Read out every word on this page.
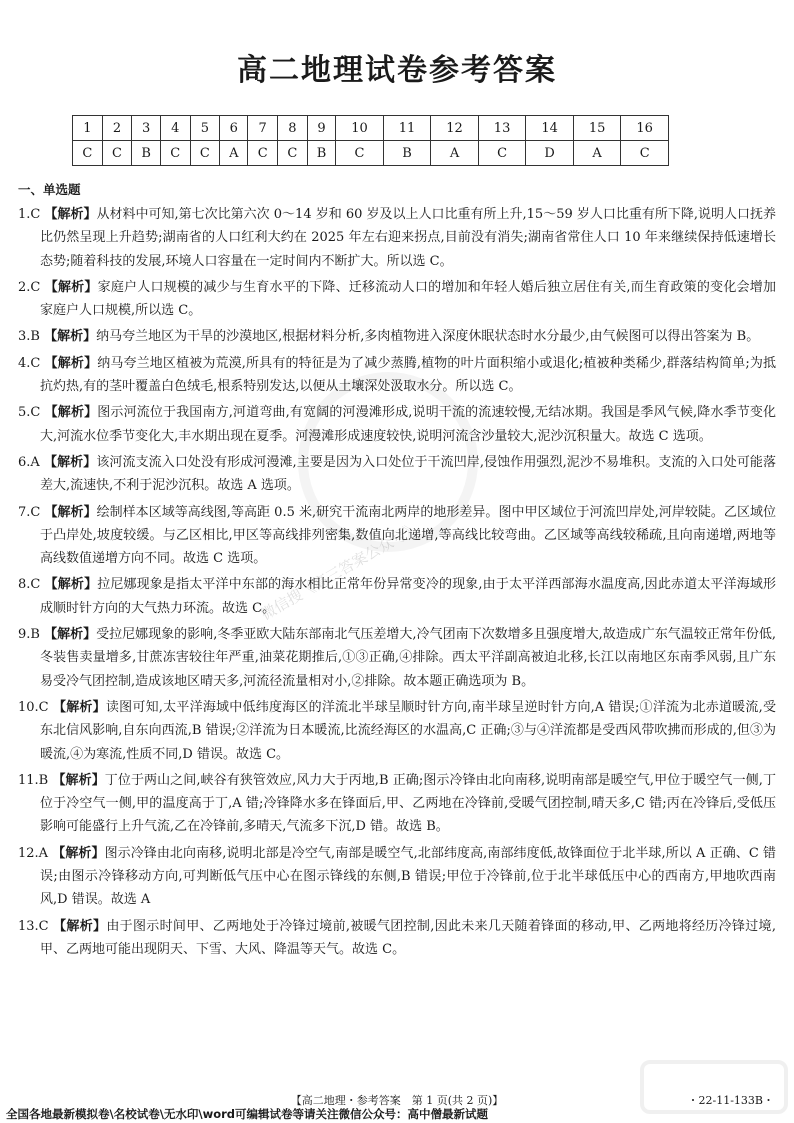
微信搜《高三答案公众号》
高二地理试卷参考答案
1	2	3	4	5	6	7	8	9	10	11	12	13	14	15	16
C	C	B	C	C	A	C	C	B	C	B	A	C	D	A	C
一、单选题

1.C 【解析】从材料中可知,第七次比第六次 0～14 岁和 60 岁及以上人口比重有所上升,15～59 岁人口比重有所下降,说明人口抚养比仍然呈现上升趋势;湖南省的人口红利大约在 2025 年左右迎来拐点,目前没有消失;湖南省常住人口 10 年来继续保持低速增长态势;随着科技的发展,环境人口容量在一定时间内不断扩大。所以选 C。

2.C 【解析】家庭户人口规模的减少与生育水平的下降、迁移流动人口的增加和年轻人婚后独立居住有关,而生育政策的变化会增加家庭户人口规模,所以选 C。

3.B 【解析】纳马夸兰地区为干旱的沙漠地区,根据材料分析,多肉植物进入深度休眠状态时水分最少,由气候图可以得出答案为 B。

4.C 【解析】纳马夸兰地区植被为荒漠,所具有的特征是为了减少蒸腾,植物的叶片面积缩小或退化;植被种类稀少,群落结构简单;为抵抗灼热,有的茎叶覆盖白色绒毛,根系特别发达,以便从土壤深处汲取水分。所以选 C。

5.C 【解析】图示河流位于我国南方,河道弯曲,有宽阔的河漫滩形成,说明干流的流速较慢,无结冰期。我国是季风气候,降水季节变化大,河流水位季节变化大,丰水期出现在夏季。河漫滩形成速度较快,说明河流含沙量较大,泥沙沉积量大。故选 C 选项。

6.A 【解析】该河流支流入口处没有形成河漫滩,主要是因为入口处位于干流凹岸,侵蚀作用强烈,泥沙不易堆积。支流的入口处可能落差大,流速快,不利于泥沙沉积。故选 A 选项。

7.C 【解析】绘制样本区域等高线图,等高距 0.5 米,研究干流南北两岸的地形差异。图中甲区域位于河流凹岸处,河岸较陡。乙区域位于凸岸处,坡度较缓。与乙区相比,甲区等高线排列密集,数值向北递增,等高线比较弯曲。乙区域等高线较稀疏,且向南递增,两地等高线数值递增方向不同。故选 C 选项。

8.C 【解析】拉尼娜现象是指太平洋中东部的海水相比正常年份异常变冷的现象,由于太平洋西部海水温度高,因此赤道太平洋海域形成顺时针方向的大气热力环流。故选 C。

9.B 【解析】受拉尼娜现象的影响,冬季亚欧大陆东部南北气压差增大,冷气团南下次数增多且强度增大,故造成广东气温较正常年份低,冬装售卖量增多,甘蔗冻害较往年严重,油菜花期推后,①③正确,④排除。西太平洋副高被迫北移,长江以南地区东南季风弱,且广东易受冷气团控制,造成该地区晴天多,河流径流量相对小,②排除。故本题正确选项为 B。

10.C 【解析】读图可知,太平洋海域中低纬度海区的洋流北半球呈顺时针方向,南半球呈逆时针方向,A 错误;①洋流为北赤道暖流,受东北信风影响,自东向西流,B 错误;②洋流为日本暖流,比流经海区的水温高,C 正确;③与④洋流都是受西风带吹拂而形成的,但③为暖流,④为寒流,性质不同,D 错误。故选 C。

11.B 【解析】丁位于两山之间,峡谷有狭管效应,风力大于丙地,B 正确;图示冷锋由北向南移,说明南部是暖空气,甲位于暖空气一侧,丁位于冷空气一侧,甲的温度高于丁,A 错;冷锋降水多在锋面后,甲、乙两地在冷锋前,受暖气团控制,晴天多,C 错;丙在冷锋后,受低压影响可能盛行上升气流,乙在冷锋前,多晴天,气流多下沉,D 错。故选 B。

12.A 【解析】图示冷锋由北向南移,说明北部是冷空气,南部是暖空气,北部纬度高,南部纬度低,故锋面位于北半球,所以 A 正确、C 错误;由图示冷锋移动方向,可判断低气压中心在图示锋线的东侧,B 错误;甲位于冷锋前,位于北半球低压中心的西南方,甲地吹西南风,D 错误。故选 A

13.C 【解析】由于图示时间甲、乙两地处于冷锋过境前,被暖气团控制,因此未来几天随着锋面的移动,甲、乙两地将经历冷锋过境,甲、乙两地可能出现阴天、下雪、大风、降温等天气。故选 C。

【高二地理・参考答案　第 1 页(共 2 页)】	・22-11-133B・
全国各地最新模拟卷\名校试卷\无水印\word可编辑试卷等请关注微信公众号：高中僧最新试题
